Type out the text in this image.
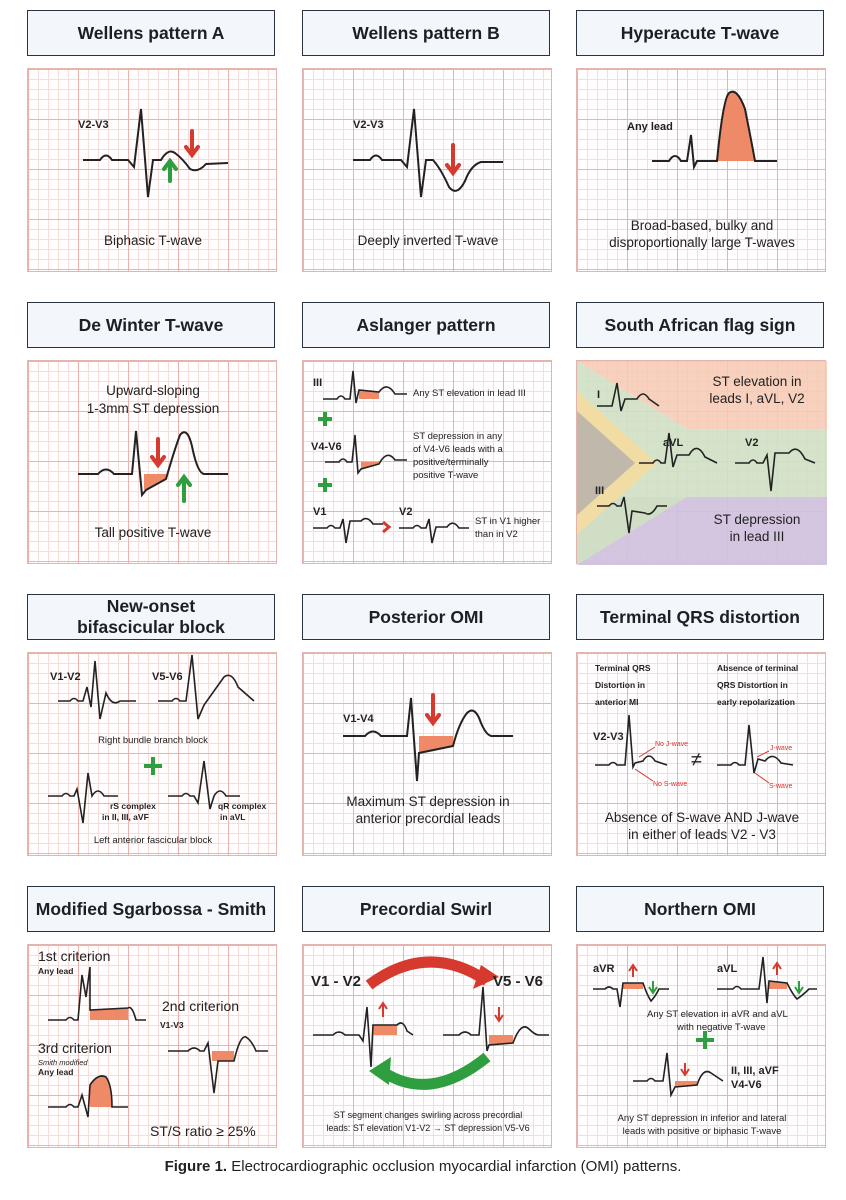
Wellens pattern A
V2-V3
Biphasic T-wave
Wellens pattern B
V2-V3
Deeply inverted T-wave
Hyperacute T-wave
Any lead
Broad-based, bulky and
disproportionally large T-waves
De Winter T-wave
Upward-sloping
1-3mm ST depression
Tall positive T-wave
Aslanger pattern
III
Any ST elevation in lead III
V4-V6
ST depression in any
of V4-V6 leads with a
positive/terminally
positive T-wave
V1	V2
ST in V1 higher
than in V2
South African flag sign
I
aVL	V2
III
ST elevation in
leads I, aVL, V2
ST depression
in lead III
New-onset
bifascicular block
V1-V2	V5-V6
Right bundle branch block
rS complex
in II, III, aVF
qR complex
in aVL
Left anterior fascicular block
Posterior OMI
V1-V4
Maximum ST depression in
anterior precordial leads
Terminal QRS distortion
Terminal QRS
Distortion in
anterior MI
Absence of terminal
QRS Distortion in
early repolarization
V2-V3
No J-wave
No S-wave
J-wave
S-wave
≠
Absence of S-wave AND J-wave
in either of leads V2 - V3
Modified Sgarbossa - Smith
1st criterion
Any lead
2nd criterion
V1-V3
3rd criterion
Smith modified
Any lead
ST/S ratio ≥ 25%
Precordial Swirl
V1 - V2	V5 - V6
ST segment changes swirling across precordial
leads: ST elevation V1-V2 → ST depression V5-V6
Northern OMI
aVR	aVL
Any ST elevation in aVR and aVL
with negative T-wave
II, III, aVF
V4-V6
Any ST depression in inferior and lateral
leads with positive or biphasic T-wave
Figure 1. Electrocardiographic occlusion myocardial infarction (OMI) patterns.
